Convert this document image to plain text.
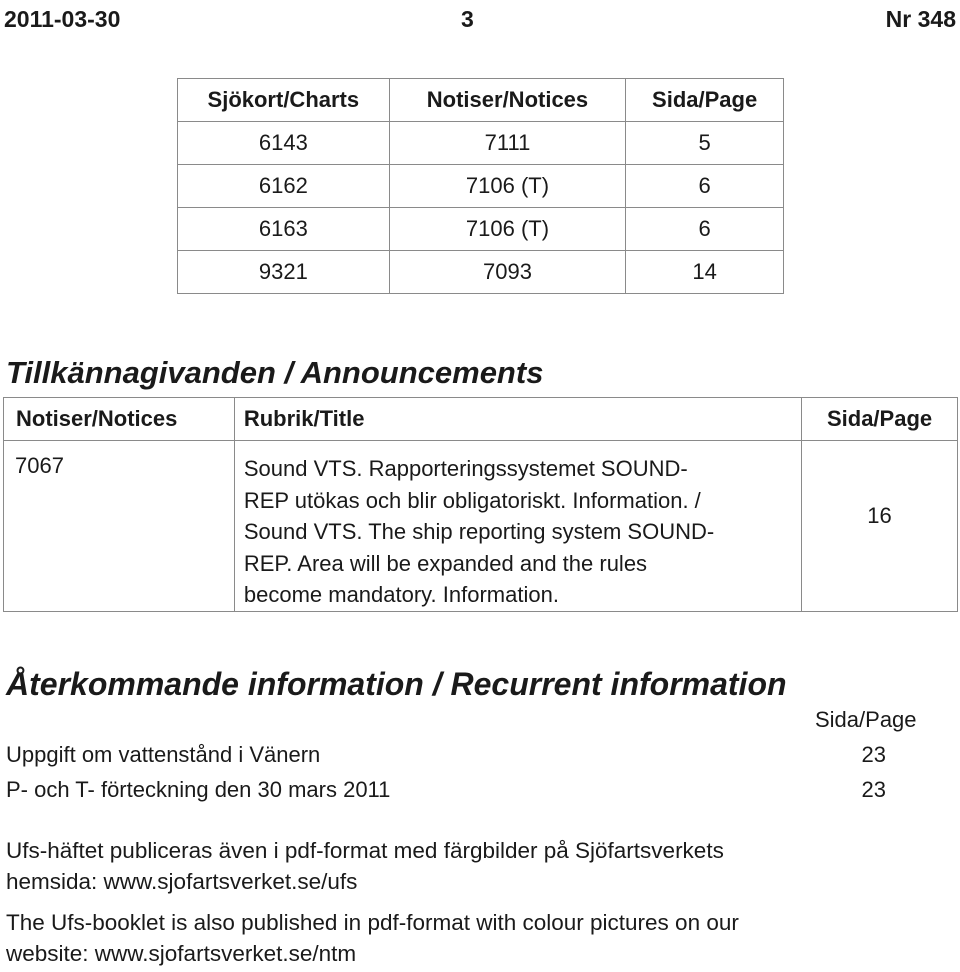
2011-03-30	3	Nr 348
Sjökort/Charts	Notiser/Notices	Sida/Page
6143	7111	5
6162	7106 (T)	6
6163	7106 (T)	6
9321	7093	14
Tillkännagivanden / Announcements
Notiser/Notices	Rubrik/Title	Sida/Page
7067	Sound VTS. Rapporteringssystemet SOUND-
REP utökas och blir obligatoriskt. Information. /
Sound VTS. The ship reporting system SOUND-
REP. Area will be expanded and the rules
become mandatory. Information.	16
Återkommande information / Recurrent information
Sida/Page
Uppgift om vattenstånd i Vänern	23
P- och T- förteckning den 30 mars 2011	23

Ufs-häftet publiceras även i pdf-format med färgbilder på Sjöfartsverkets
hemsida: www.sjofartsverket.se/ufs

The Ufs-booklet is also published in pdf-format with colour pictures on our
website: www.sjofartsverket.se/ntm
